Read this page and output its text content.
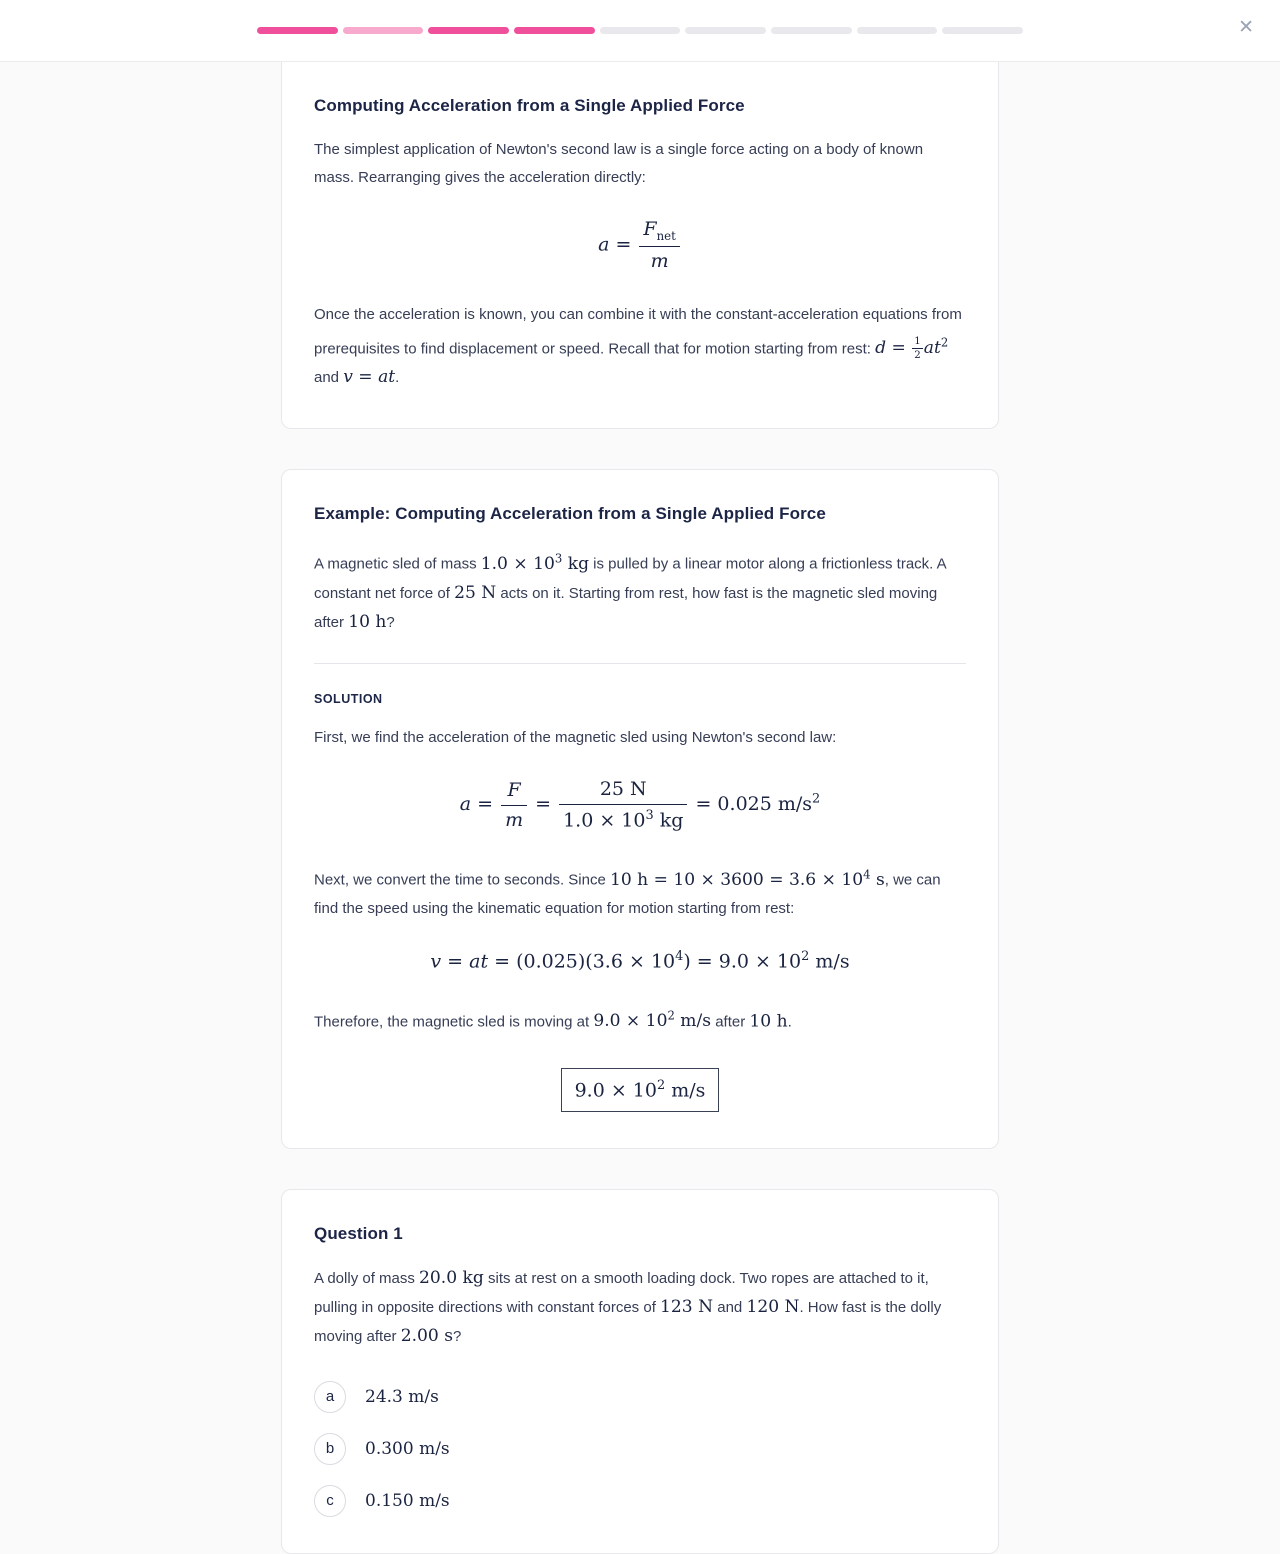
✕
Computing Acceleration from a Single Applied Force

The simplest application of Newton's second law is a single force acting on a body of known mass. Rearranging gives the acceleration directly:

$a = \frac{F_{net}}{m}$

Once the acceleration is known, you can combine it with the constant-acceleration equations from prerequisites to find displacement or speed. Recall that for motion starting from rest: $d = \frac{1}{2} at^2$ and v = at.

Example: Computing Acceleration from a Single Applied Force

A magnetic sled of mass $1.0 \times 10^3$ kg is pulled by a linear motor along a frictionless track. A constant net force of 25 N acts on it. Starting from rest, how fast is the magnetic sled moving after 10 h?

SOLUTION

First, we find the acceleration of the magnetic sled using Newton's second law:

$a = \frac{F}{m} = \frac{25 N}{1.0 \times 10^3 kg} = 0.025$ $m/s^2$

Next, we convert the time to seconds. Since 10 $h = 10 \times 3600 = 3.6 \times 10^4$ s, we can find the speed using the kinematic equation for motion starting from rest:

v = at = $(0.025)(3.6 \times 10^4) = 9.0 \times 10^2$ m/s

Therefore, the magnetic sled is moving at $9.0 \times 10^2$ m/s after 10 h.

$9.0 \times 10^2$ m/s
Question 1

A dolly of mass 20.0 kg sits at rest on a smooth loading dock. Two ropes are attached to it, pulling in opposite directions with constant forces of 123 N and 120 N. How fast is the dolly moving after 2.00 s?

a	24.3 m/s
b	0.300 m/s
c	0.150 m/s
